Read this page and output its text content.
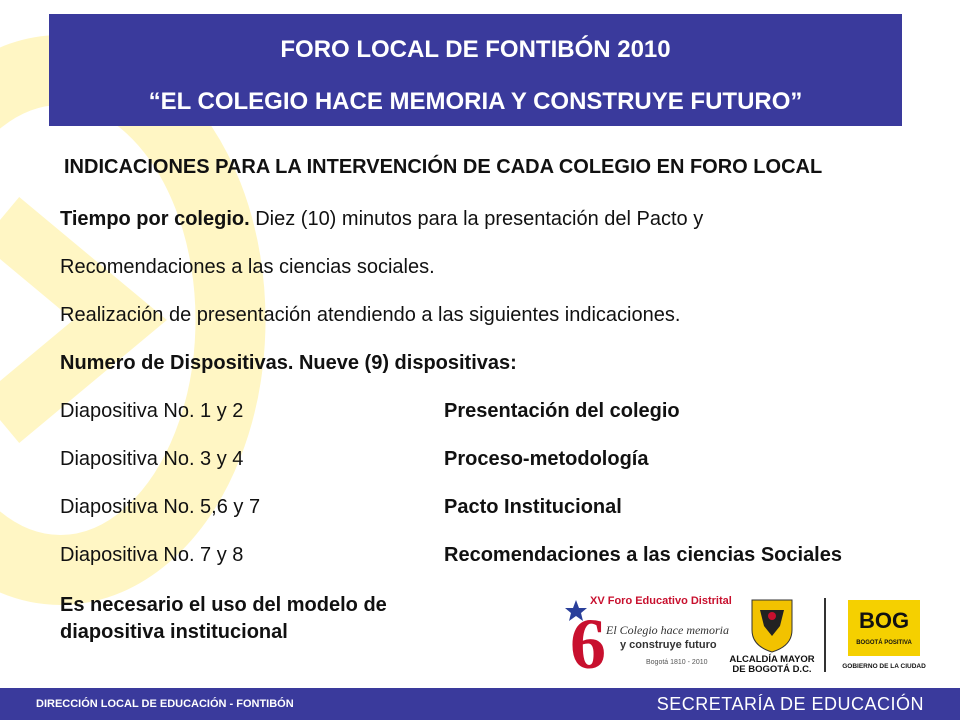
FORO LOCAL DE FONTIBÓN 2010
“EL COLEGIO HACE MEMORIA Y CONSTRUYE FUTURO”
INDICACIONES PARA LA INTERVENCIÓN DE CADA COLEGIO EN FORO LOCAL
Tiempo por colegio. Diez (10) minutos para la presentación del Pacto y
Recomendaciones a las ciencias sociales.
Realización de presentación atendiendo a las siguientes indicaciones.
Numero de Dispositivas. Nueve (9) dispositivas:
Diapositiva No. 1 y 2	Presentación del colegio
Diapositiva No. 3 y 4	Proceso-metodología
Diapositiva No. 5,6 y 7	Pacto Institucional
Diapositiva No. 7 y 8	Recomendaciones a las ciencias Sociales
Es necesario el uso del modelo de diapositiva institucional	6
XV Foro Educativo Distrital
El Colegio hace memoria
y construye futuro
Bogotá 1810 - 2010 ALCALDÍA MAYOR
DE BOGOTÁ D.C.
BOG
BOGOTÁ POSITIVA
GOBIERNO DE LA CIUDAD
DIRECCIÓN LOCAL DE EDUCACIÓN - FONTIBÓN	SECRETARÍA DE EDUCACIÓN
